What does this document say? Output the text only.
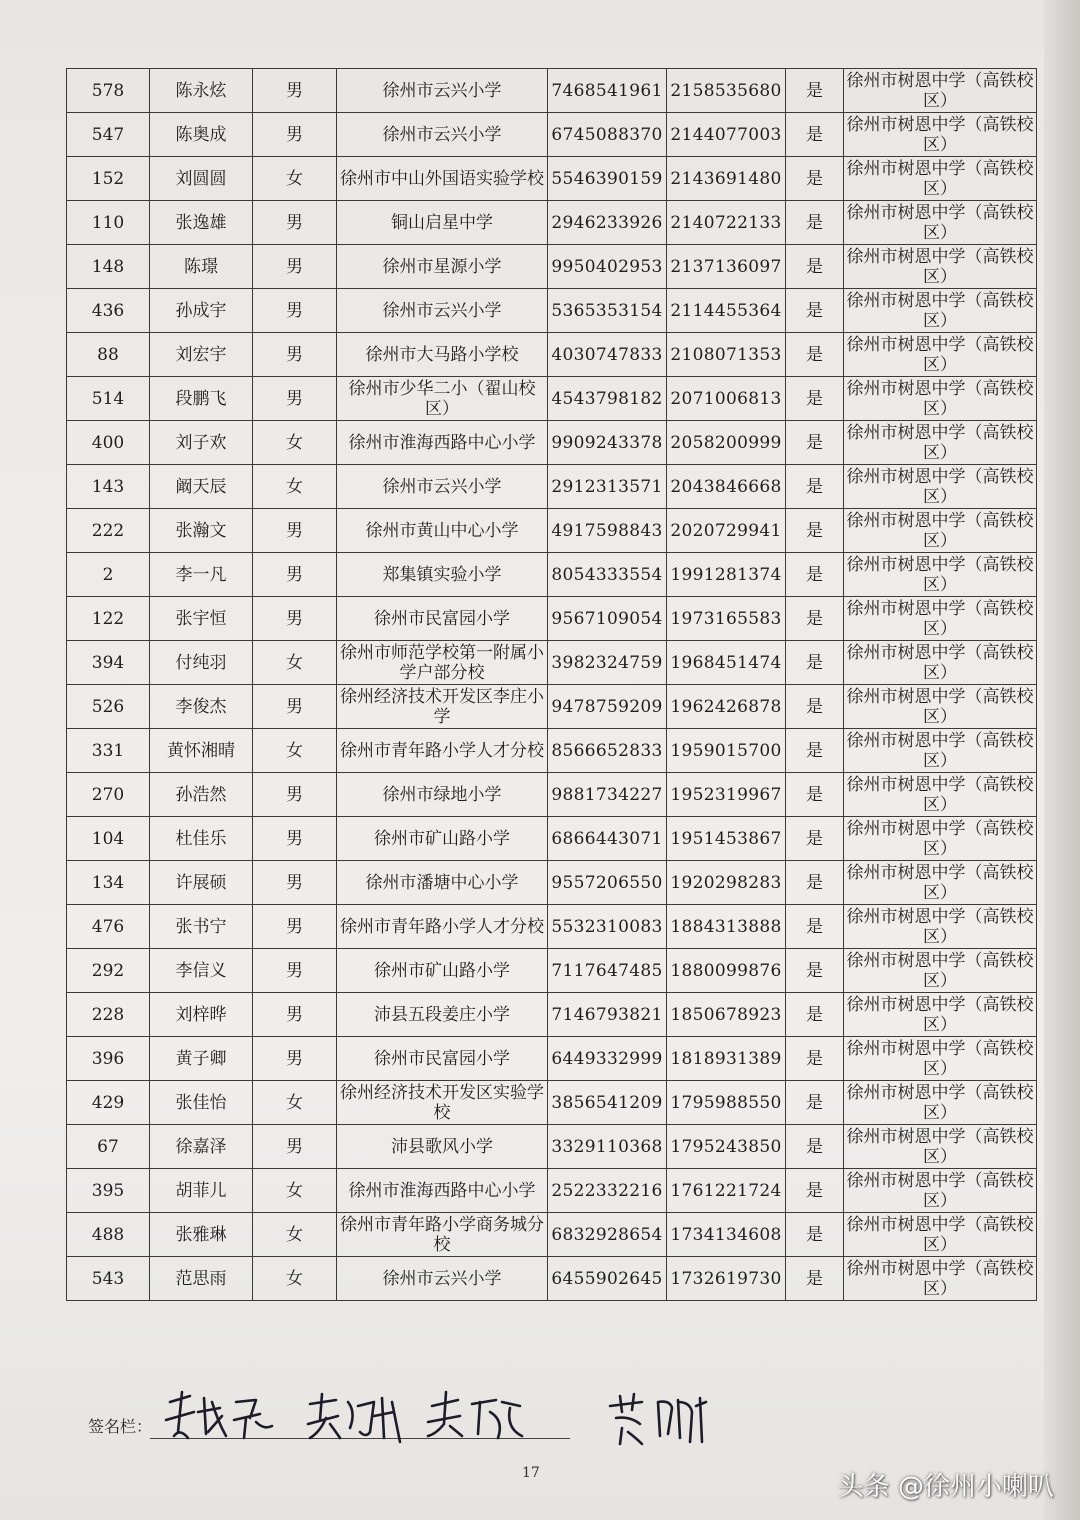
578	陈永炫	男	徐州市云兴小学	7468541961	2158535680	是	徐州市树恩中学（高铁校区）
547	陈奥成	男	徐州市云兴小学	6745088370	2144077003	是	徐州市树恩中学（高铁校区）
152	刘圆圆	女	徐州市中山外国语实验学校	5546390159	2143691480	是	徐州市树恩中学（高铁校区）
110	张逸雄	男	铜山启星中学	2946233926	2140722133	是	徐州市树恩中学（高铁校区）
148	陈璟	男	徐州市星源小学	9950402953	2137136097	是	徐州市树恩中学（高铁校区）
436	孙成宇	男	徐州市云兴小学	5365353154	2114455364	是	徐州市树恩中学（高铁校区）
88	刘宏宇	男	徐州市大马路小学校	4030747833	2108071353	是	徐州市树恩中学（高铁校区）
514	段鹏飞	男	徐州市少华二小（翟山校区）	4543798182	2071006813	是	徐州市树恩中学（高铁校区）
400	刘子欢	女	徐州市淮海西路中心小学	9909243378	2058200999	是	徐州市树恩中学（高铁校区）
143	阚天辰	女	徐州市云兴小学	2912313571	2043846668	是	徐州市树恩中学（高铁校区）
222	张瀚文	男	徐州市黄山中心小学	4917598843	2020729941	是	徐州市树恩中学（高铁校区）
2	李一凡	男	郑集镇实验小学	8054333554	1991281374	是	徐州市树恩中学（高铁校区）
122	张宇恒	男	徐州市民富园小学	9567109054	1973165583	是	徐州市树恩中学（高铁校区）
394	付纯羽	女	徐州市师范学校第一附属小学户部分校	3982324759	1968451474	是	徐州市树恩中学（高铁校区）
526	李俊杰	男	徐州经济技术开发区李庄小学	9478759209	1962426878	是	徐州市树恩中学（高铁校区）
331	黄怀湘晴	女	徐州市青年路小学人才分校	8566652833	1959015700	是	徐州市树恩中学（高铁校区）
270	孙浩然	男	徐州市绿地小学	9881734227	1952319967	是	徐州市树恩中学（高铁校区）
104	杜佳乐	男	徐州市矿山路小学	6866443071	1951453867	是	徐州市树恩中学（高铁校区）
134	许展硕	男	徐州市潘塘中心小学	9557206550	1920298283	是	徐州市树恩中学（高铁校区）
476	张书宁	男	徐州市青年路小学人才分校	5532310083	1884313888	是	徐州市树恩中学（高铁校区）
292	李信义	男	徐州市矿山路小学	7117647485	1880099876	是	徐州市树恩中学（高铁校区）
228	刘梓晔	男	沛县五段姜庄小学	7146793821	1850678923	是	徐州市树恩中学（高铁校区）
396	黄子卿	男	徐州市民富园小学	6449332999	1818931389	是	徐州市树恩中学（高铁校区）
429	张佳怡	女	徐州经济技术开发区实验学校	3856541209	1795988550	是	徐州市树恩中学（高铁校区）
67	徐嘉泽	男	沛县歌风小学	3329110368	1795243850	是	徐州市树恩中学（高铁校区）
395	胡菲儿	女	徐州市淮海西路中心小学	2522332216	1761221724	是	徐州市树恩中学（高铁校区）
488	张雅琳	女	徐州市青年路小学商务城分校	6832928654	1734134608	是	徐州市树恩中学（高铁校区）
543	范思雨	女	徐州市云兴小学	6455902645	1732619730	是	徐州市树恩中学（高铁校区）
签名栏：
17	头条 @徐州小喇叭
